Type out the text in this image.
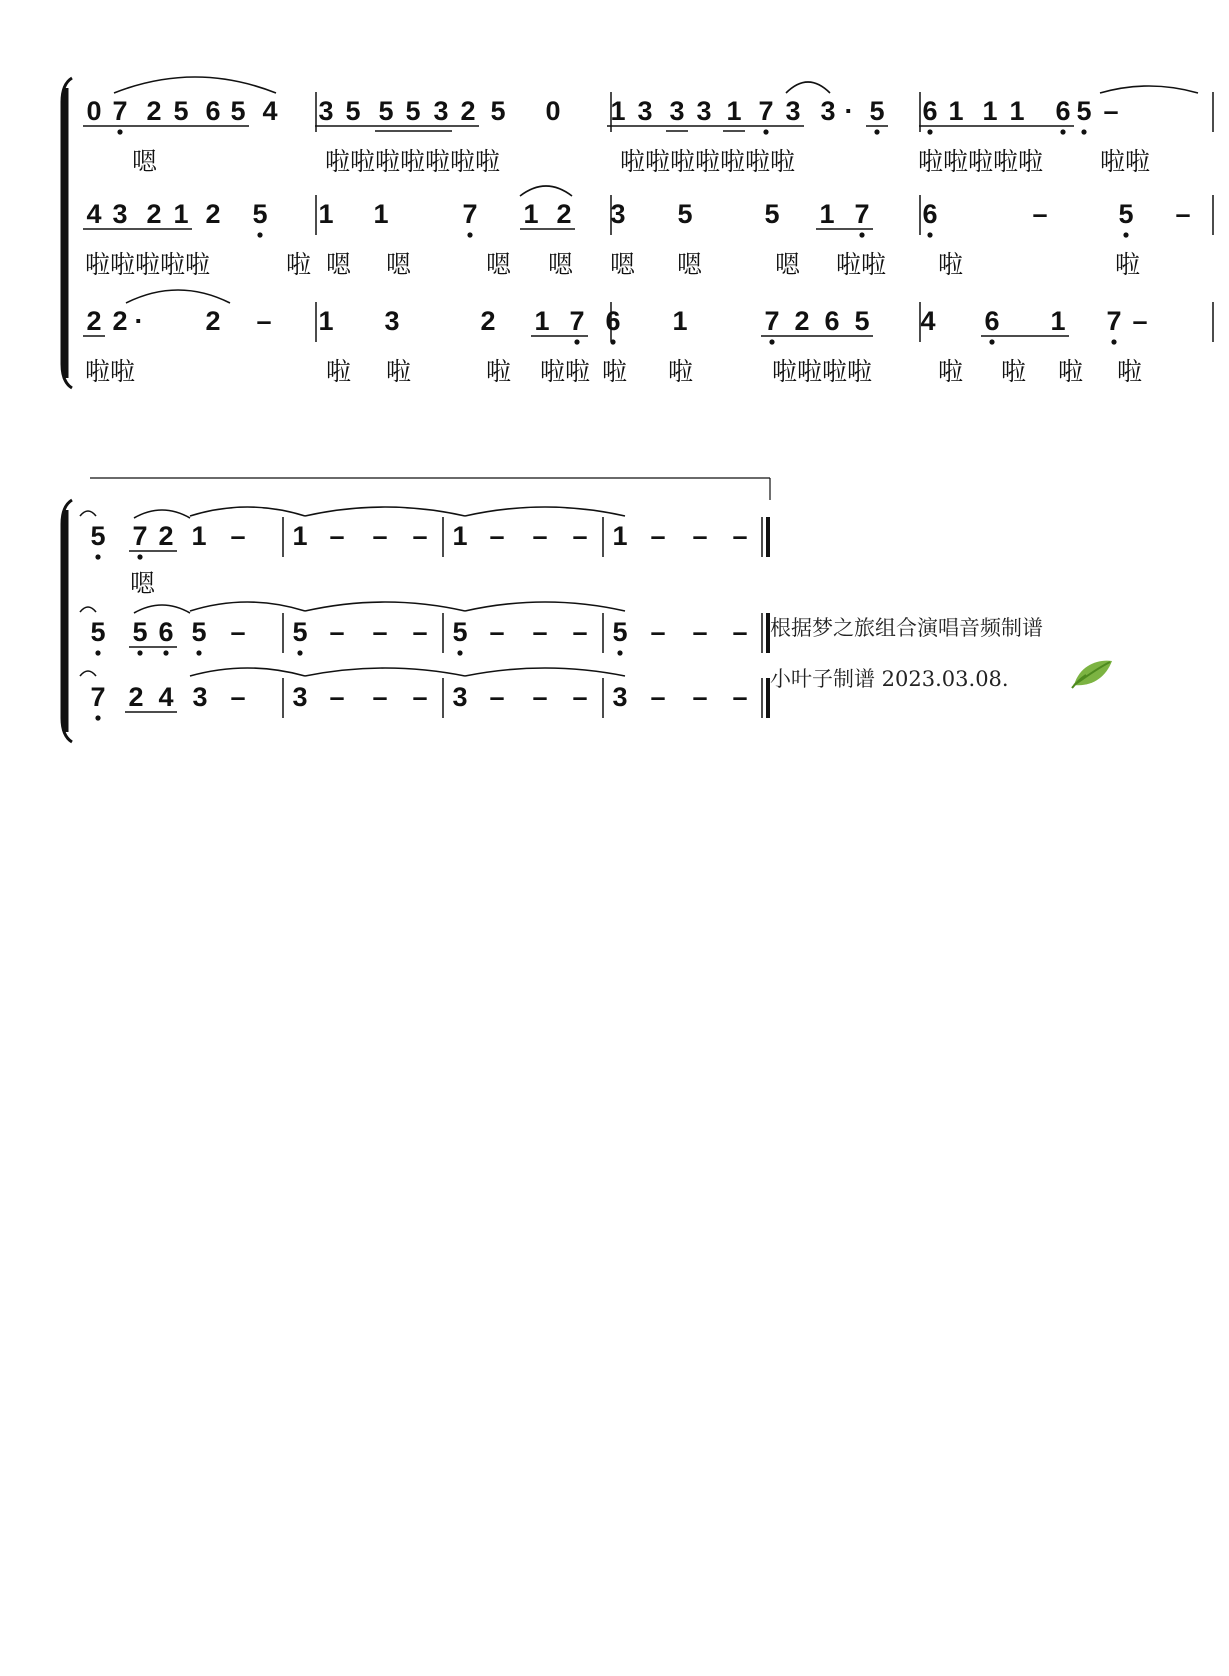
0 7 2 5 6 5 4 3 5 5 5 3 2 5 0 1 3 3 3 1 7 3 3 · 5 6 1 1 1 6 5 –
嗯	啦啦啦啦啦啦啦	啦啦啦啦啦啦啦	啦啦啦啦啦 啦啦
4 3 2 1 2 5 1 1	7 1 2 3 5	5 1 7 6	–	5 –
啦啦啦啦啦	啦 嗯 嗯	嗯 嗯 嗯 嗯	嗯 啦啦 啦	啦
2 2 · 2 – 1 3	2 1 7 6 1	7 2 6 5 4 6 1 7 –
啦啦	啦 啦	啦 啦啦 啦 啦	啦啦啦啦	啦 啦 啦 啦
5 7 2 1 – 1 – – – 1 – – – 1 – – –
嗯
5 5 6 5 – 5 – – – 5 – – – 5 – – –
7 2 4 3 – 3 – – – 3 – – – 3 – – –
根据梦之旅组合演唱音频制谱
小叶子制谱 2023.03.08.
